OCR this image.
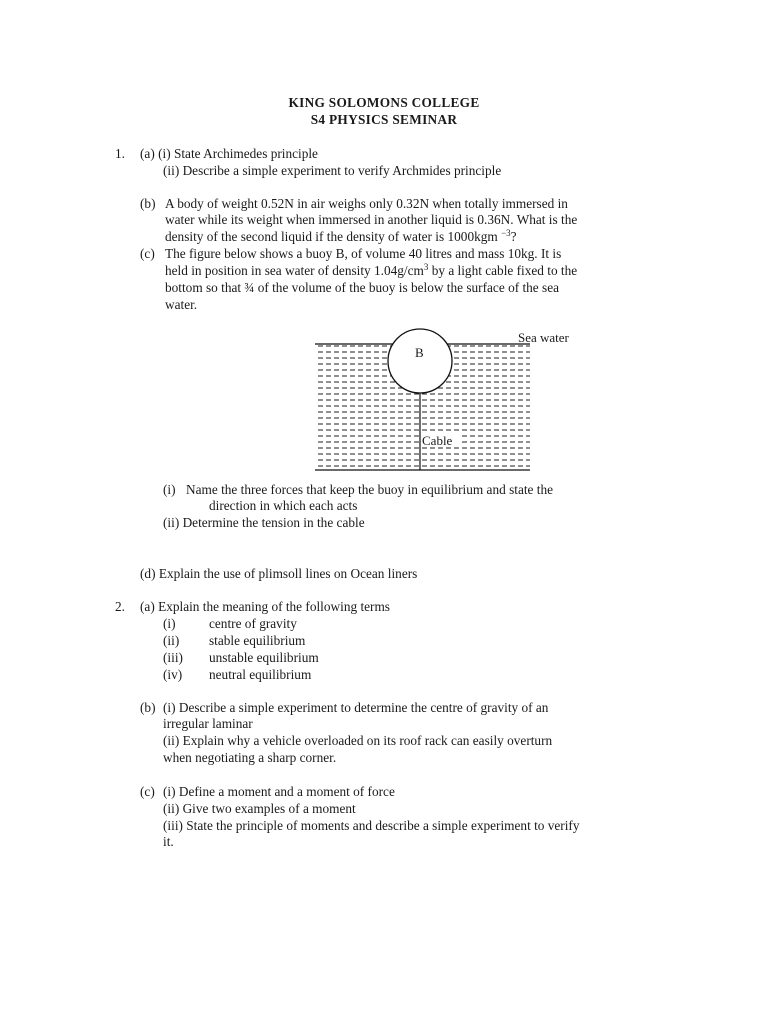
KING SOLOMONS COLLEGE
S4 PHYSICS SEMINAR
1. (a) (i) State Archimedes principle
(ii) Describe a simple experiment to verify Archmides principle
(b) A body of weight 0.52N in air weighs only 0.32N when totally immersed in
water while its weight when immersed in another liquid is 0.36N. What is the
density of the second liquid if the density of water is 1000kgm $^{-3}$?
(c) The figure below shows a buoy B, of volume 40 litres and mass 10kg. It is
held in position in sea water of density $1.04g/cm^3$ by a light cable fixed to the
bottom so that ¾ of the volume of the buoy is below the surface of the sea
water.
B
Sea water
Cable
(i) Name the three forces that keep the buoy in equilibrium and state the
direction in which each acts
(ii) Determine the tension in the cable
(d) Explain the use of plimsoll lines on Ocean liners
2. (a) Explain the meaning of the following terms
(i)	centre of gravity
(ii) stable equilibrium
(iii) unstable equilibrium
(iv) neutral equilibrium
(b) (i) Describe a simple experiment to determine the centre of gravity of an
irregular laminar
(ii) Explain why a vehicle overloaded on its roof rack can easily overturn
when negotiating a sharp corner.
(c) (i) Define a moment and a moment of force
(ii) Give two examples of a moment
(iii) State the principle of moments and describe a simple experiment to verify
it.
